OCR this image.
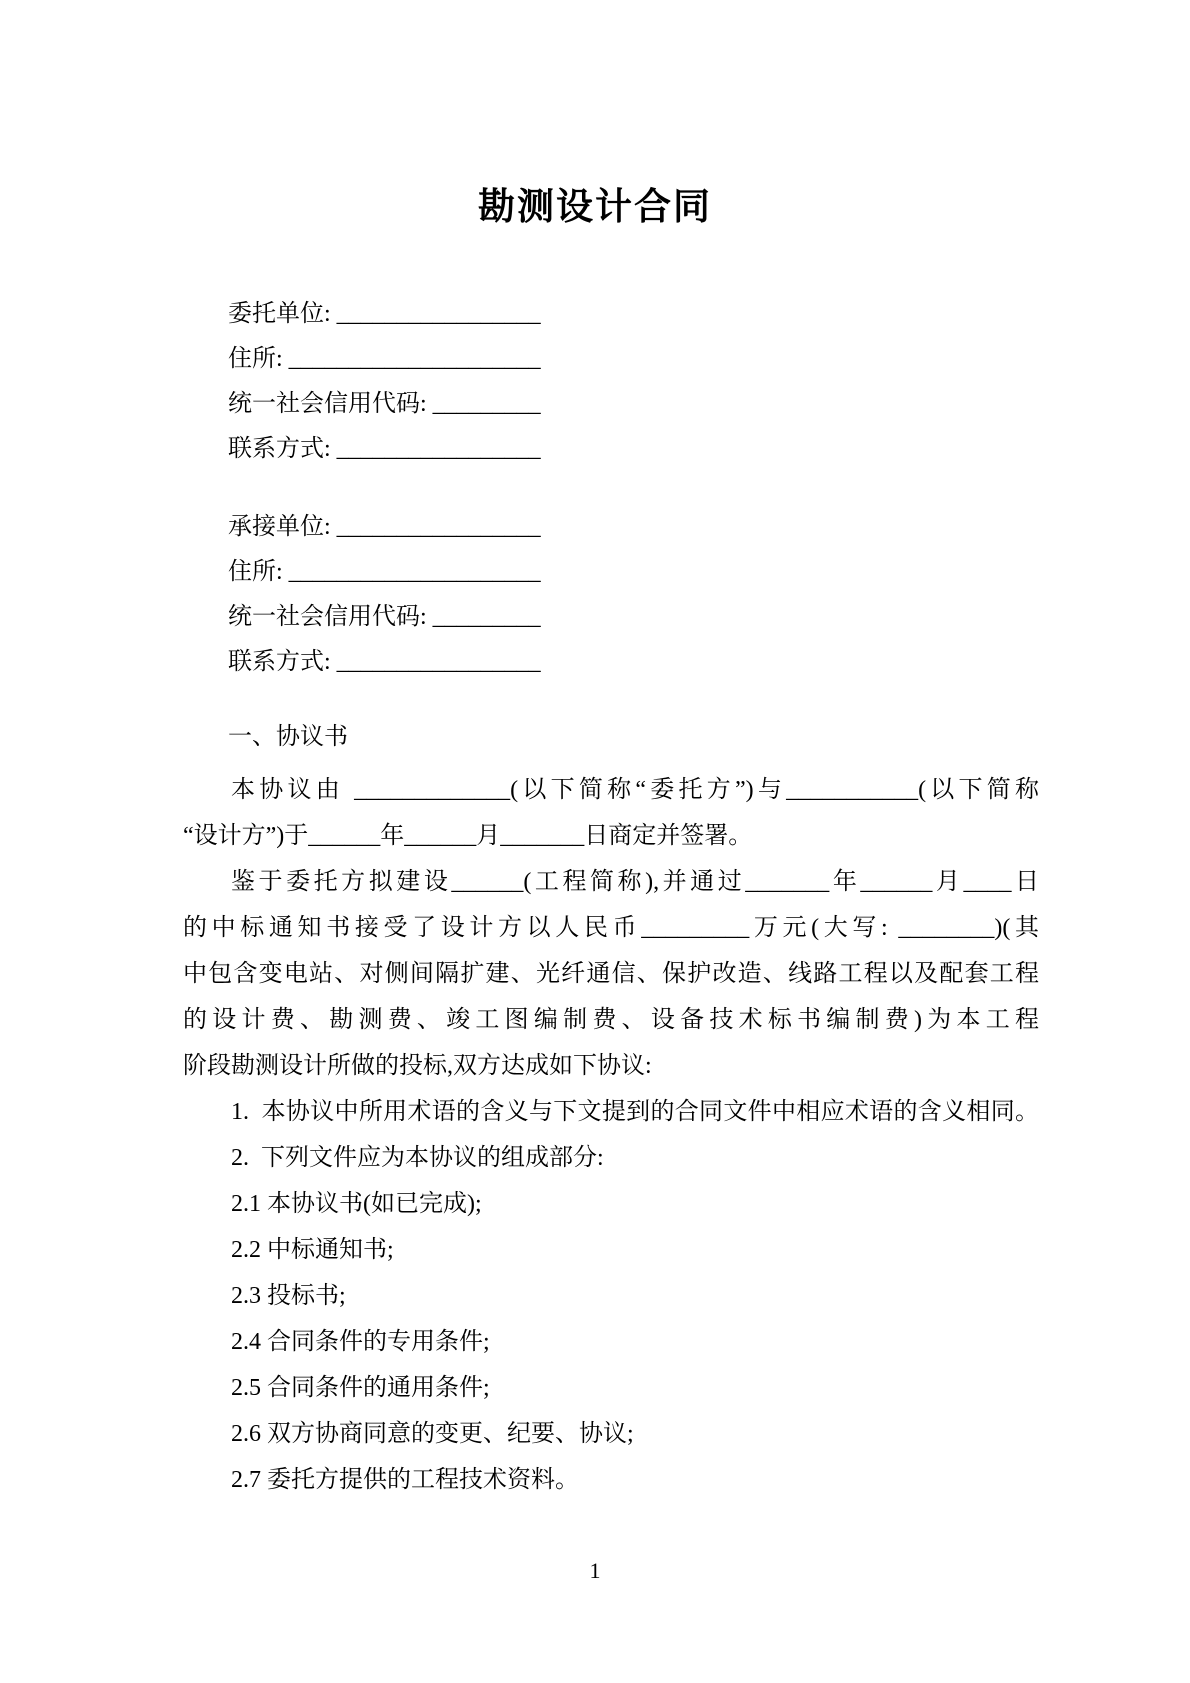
勘测设计合同
委托单位: _________________
住所: _____________________
统一社会信用代码: _________
联系方式: _________________
承接单位: _________________
住所: _____________________
统一社会信用代码: _________
联系方式: _________________
一、协议书
本协议由 _____________(以下简称“委托方”)与___________(以下简称
“设计方”)于______年______月_______日商定并签署。
鉴于委托方拟建设______(工程简称),并通过_______年______月____日
的中标通知书接受了设计方以人民币_________万元(大写: ________)(其
中包含变电站、对侧间隔扩建、光纤通信、保护改造、线路工程以及配套工程
的设计费、勘测费、竣工图编制费、设备技术标书编制费)为本工程
阶段勘测设计所做的投标,双方达成如下协议:
1.  本协议中所用术语的含义与下文提到的合同文件中相应术语的含义相同。
2.  下列文件应为本协议的组成部分:
2.1 本协议书(如已完成);
2.2 中标通知书;
2.3 投标书;
2.4 合同条件的专用条件;
2.5 合同条件的通用条件;
2.6 双方协商同意的变更、纪要、协议;
2.7 委托方提供的工程技术资料。
1
